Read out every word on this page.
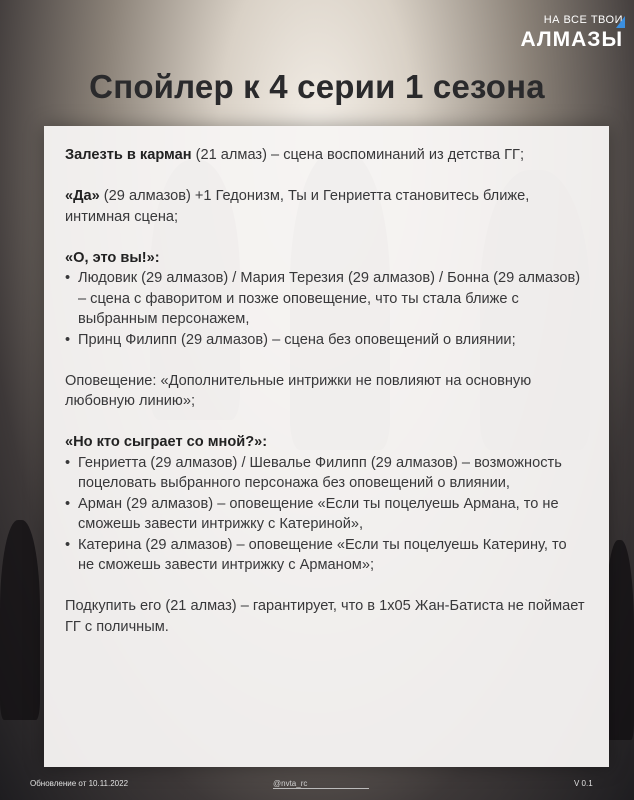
НА ВСЕ ТВОИ
АЛМАЗЫ
Спойлер к 4 серии 1 сезона

Залезть в карман (21 алмаз) – сцена воспоминаний из детства ГГ;

«Да» (29 алмазов) +1 Гедонизм, Ты и Генриетта становитесь ближе, интимная сцена;

«О, это вы!»:

• Людовик (29 алмазов) / Мария Терезия (29 алмазов) / Бонна (29 алмазов) – сцена с фаворитом и позже оповещение, что ты стала ближе с выбранным персонажем,
• Принц Филипп (29 алмазов) – сцена без оповещений о влиянии;

Оповещение: «Дополнительные интрижки не повлияют на основную любовную линию»;

«Но кто сыграет со мной?»:

• Генриетта (29 алмазов) / Шевалье Филипп (29 алмазов) – возможность поцеловать выбранного персонажа без оповещений о влиянии,
• Арман (29 алмазов) – оповещение «Если ты поцелуешь Армана, то не сможешь завести интрижку с Катериной»,
• Катерина (29 алмазов) – оповещение «Если ты поцелуешь Катерину, то не сможешь завести интрижку с Арманом»;

Подкупить его (21 алмаз) – гарантирует, что в 1х05 Жан-Батиста не поймает ГГ с поличным.

Обновление от 10.11.2022	@nvta_rc	V 0.1
